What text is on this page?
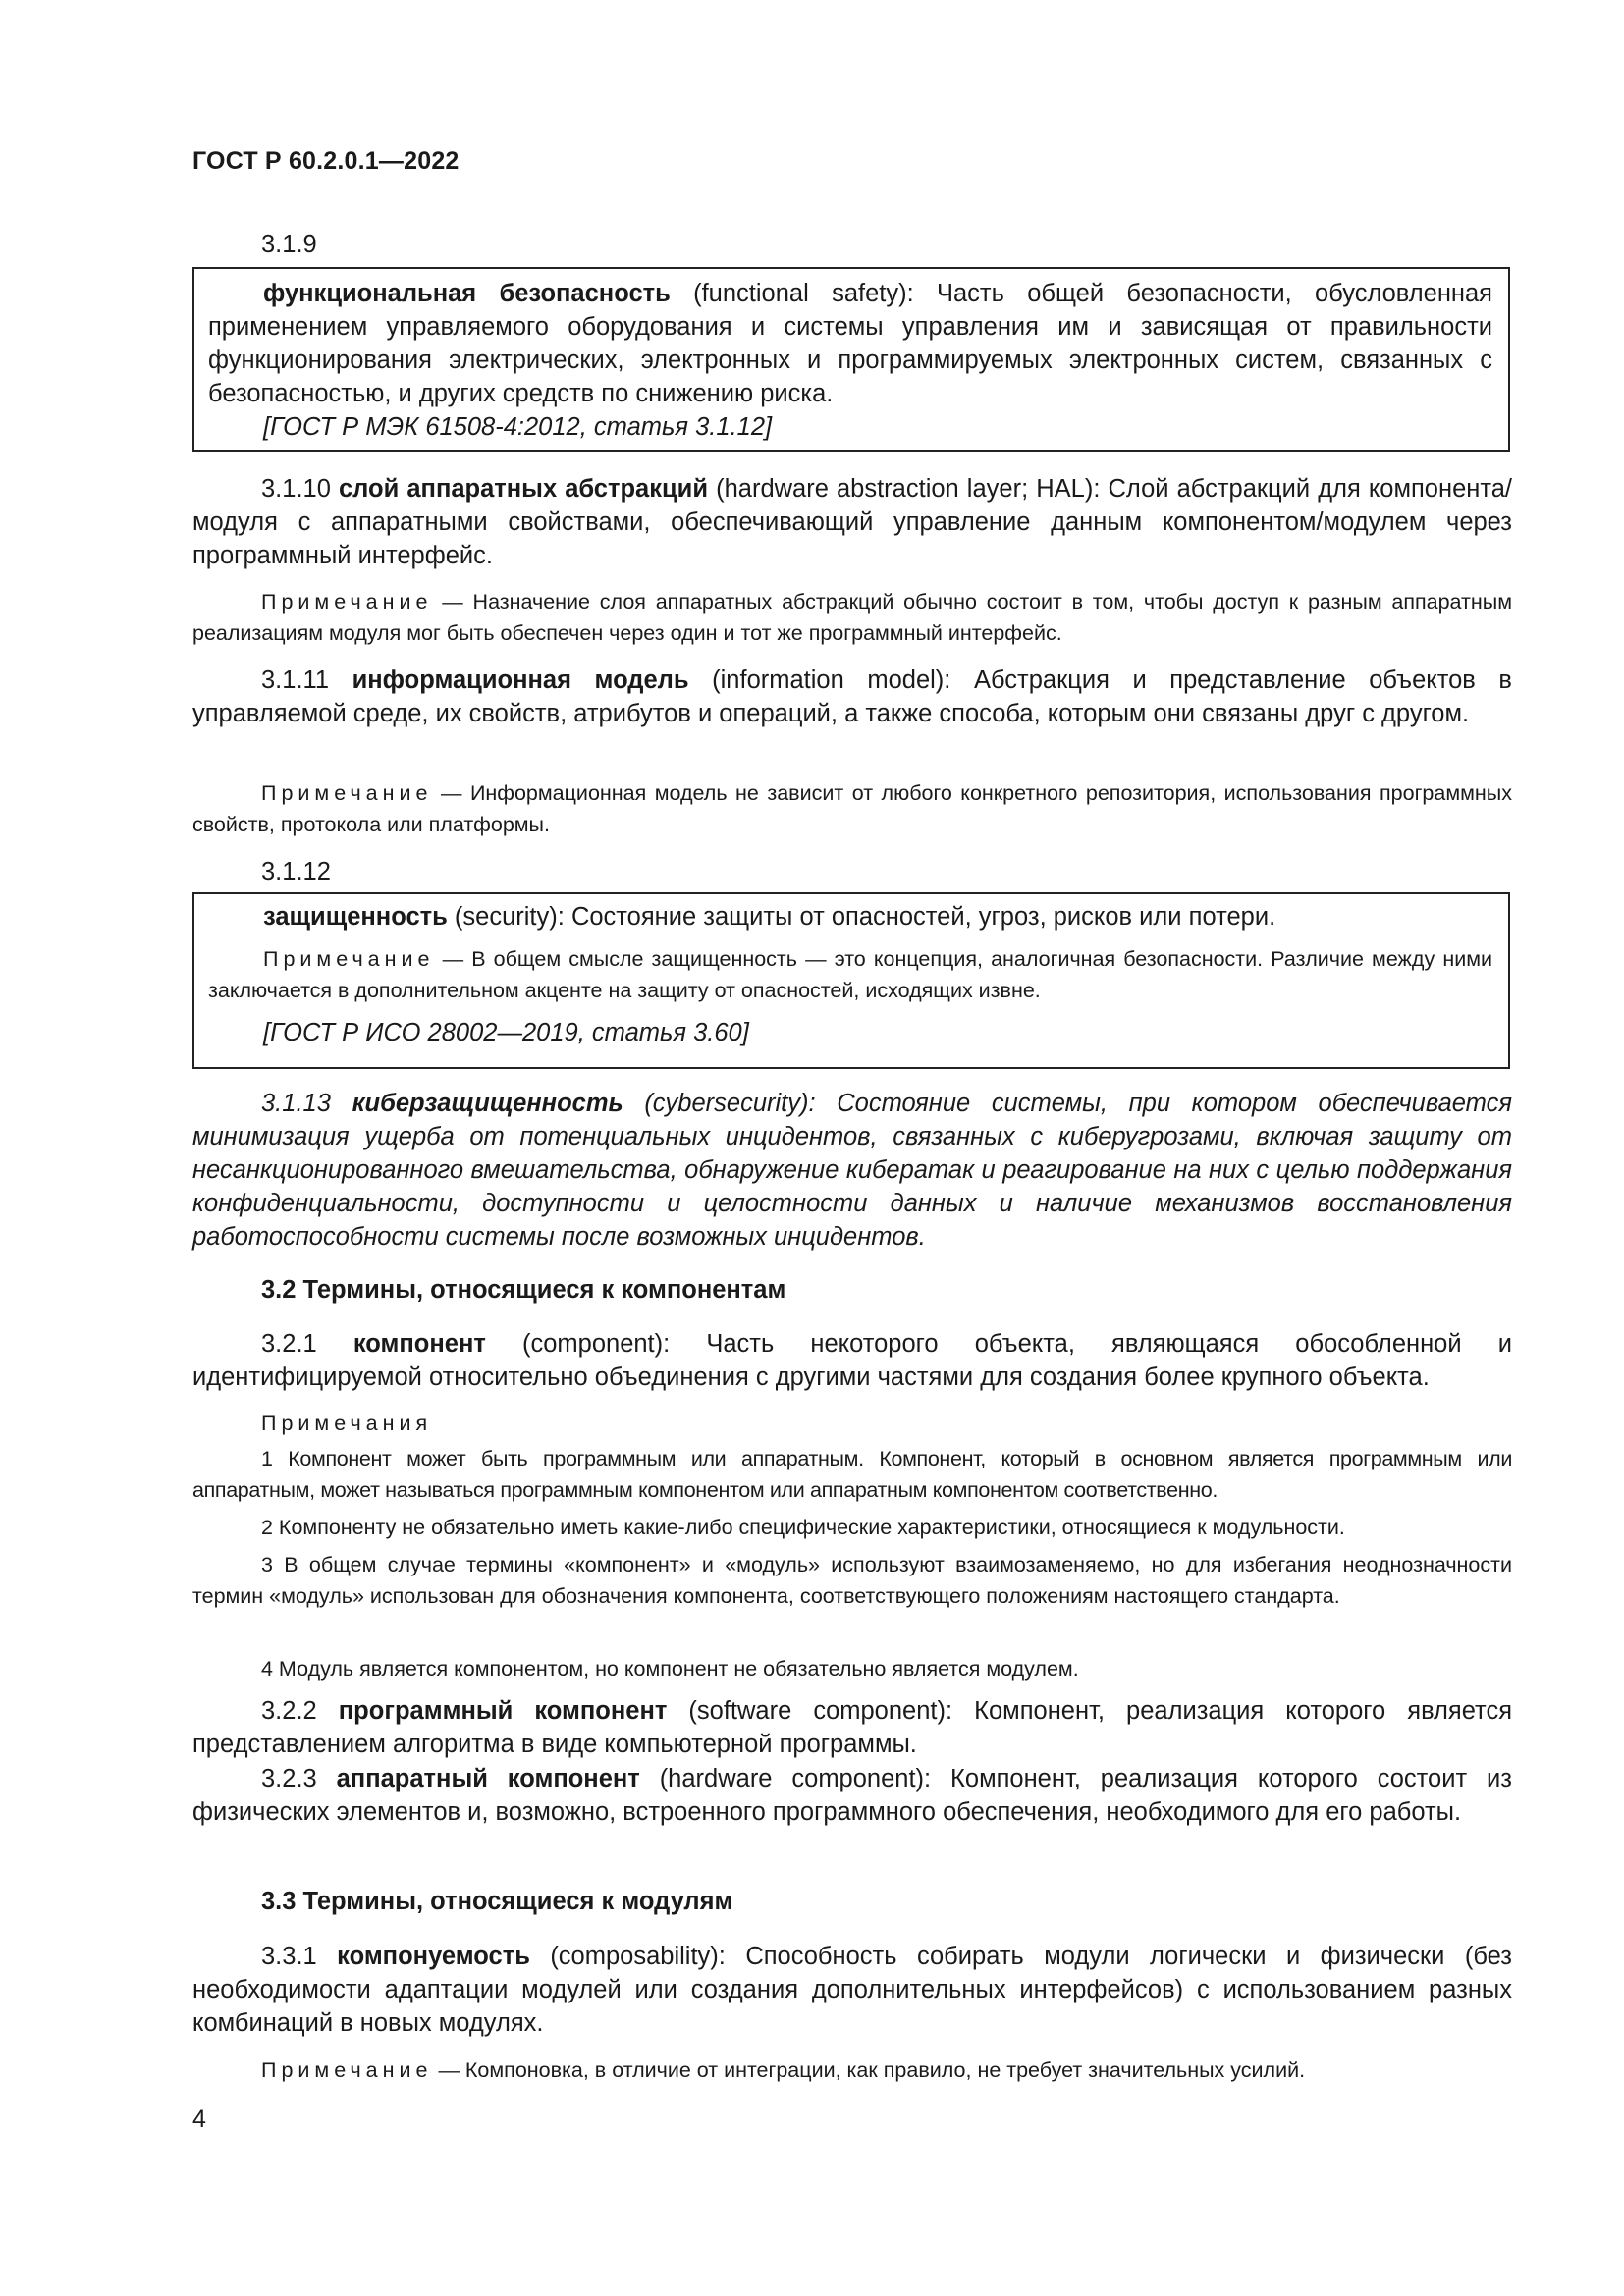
ГОСТ Р 60.2.0.1—2022
3.1.9
функциональная безопасность (functional safety): Часть общей безопасности, обусловленная применением управляемого оборудования и системы управления им и зависящая от правильности функционирования электрических, электронных и программируемых электронных систем, связанных с безопасностью, и других средств по снижению риска.
[ГОСТ Р МЭК 61508-4:2012, статья 3.1.12]
3.1.10 слой аппаратных абстракций (hardware abstraction layer; HAL): Слой абстракций для компонента/модуля с аппаратными свойствами, обеспечивающий управление данным компонентом/модулем через программный интерфейс.
Примечание — Назначение слоя аппаратных абстракций обычно состоит в том, чтобы доступ к разным аппаратным реализациям модуля мог быть обеспечен через один и тот же программный интерфейс.
3.1.11 информационная модель (information model): Абстракция и представление объектов в управляемой среде, их свойств, атрибутов и операций, а также способа, которым они связаны друг с другом.
Примечание — Информационная модель не зависит от любого конкретного репозитория, использования программных свойств, протокола или платформы.
3.1.12
защищенность (security): Состояние защиты от опасностей, угроз, рисков или потери.
Примечание — В общем смысле защищенность — это концепция, аналогичная безопасности. Различие между ними заключается в дополнительном акценте на защиту от опасностей, исходящих извне.
[ГОСТ Р ИСО 28002—2019, статья 3.60]
3.1.13 киберзащищенность (cybersecurity): Состояние системы, при котором обеспечивается минимизация ущерба от потенциальных инцидентов, связанных с киберугрозами, включая защиту от несанкционированного вмешательства, обнаружение кибератак и реагирование на них с целью поддержания конфиденциальности, доступности и целостности данных и наличие механизмов восстановления работоспособности системы после возможных инцидентов.
3.2 Термины, относящиеся к компонентам
3.2.1 компонент (component): Часть некоторого объекта, являющаяся обособленной и идентифицируемой относительно объединения с другими частями для создания более крупного объекта.
Примечания
1 Компонент может быть программным или аппаратным. Компонент, который в основном является программным или аппаратным, может называться программным компонентом или аппаратным компонентом соответственно.
2 Компоненту не обязательно иметь какие-либо специфические характеристики, относящиеся к модульности.
3 В общем случае термины «компонент» и «модуль» используют взаимозаменяемо, но для избегания неоднозначности термин «модуль» использован для обозначения компонента, соответствующего положениям настоящего стандарта.
4 Модуль является компонентом, но компонент не обязательно является модулем.
3.2.2 программный компонент (software component): Компонент, реализация которого является представлением алгоритма в виде компьютерной программы.
3.2.3 аппаратный компонент (hardware component): Компонент, реализация которого состоит из физических элементов и, возможно, встроенного программного обеспечения, необходимого для его работы.
3.3 Термины, относящиеся к модулям
3.3.1 компонуемость (composability): Способность собирать модули логически и физически (без необходимости адаптации модулей или создания дополнительных интерфейсов) с использованием разных комбинаций в новых модулях.
Примечание — Компоновка, в отличие от интеграции, как правило, не требует значительных усилий.
4
